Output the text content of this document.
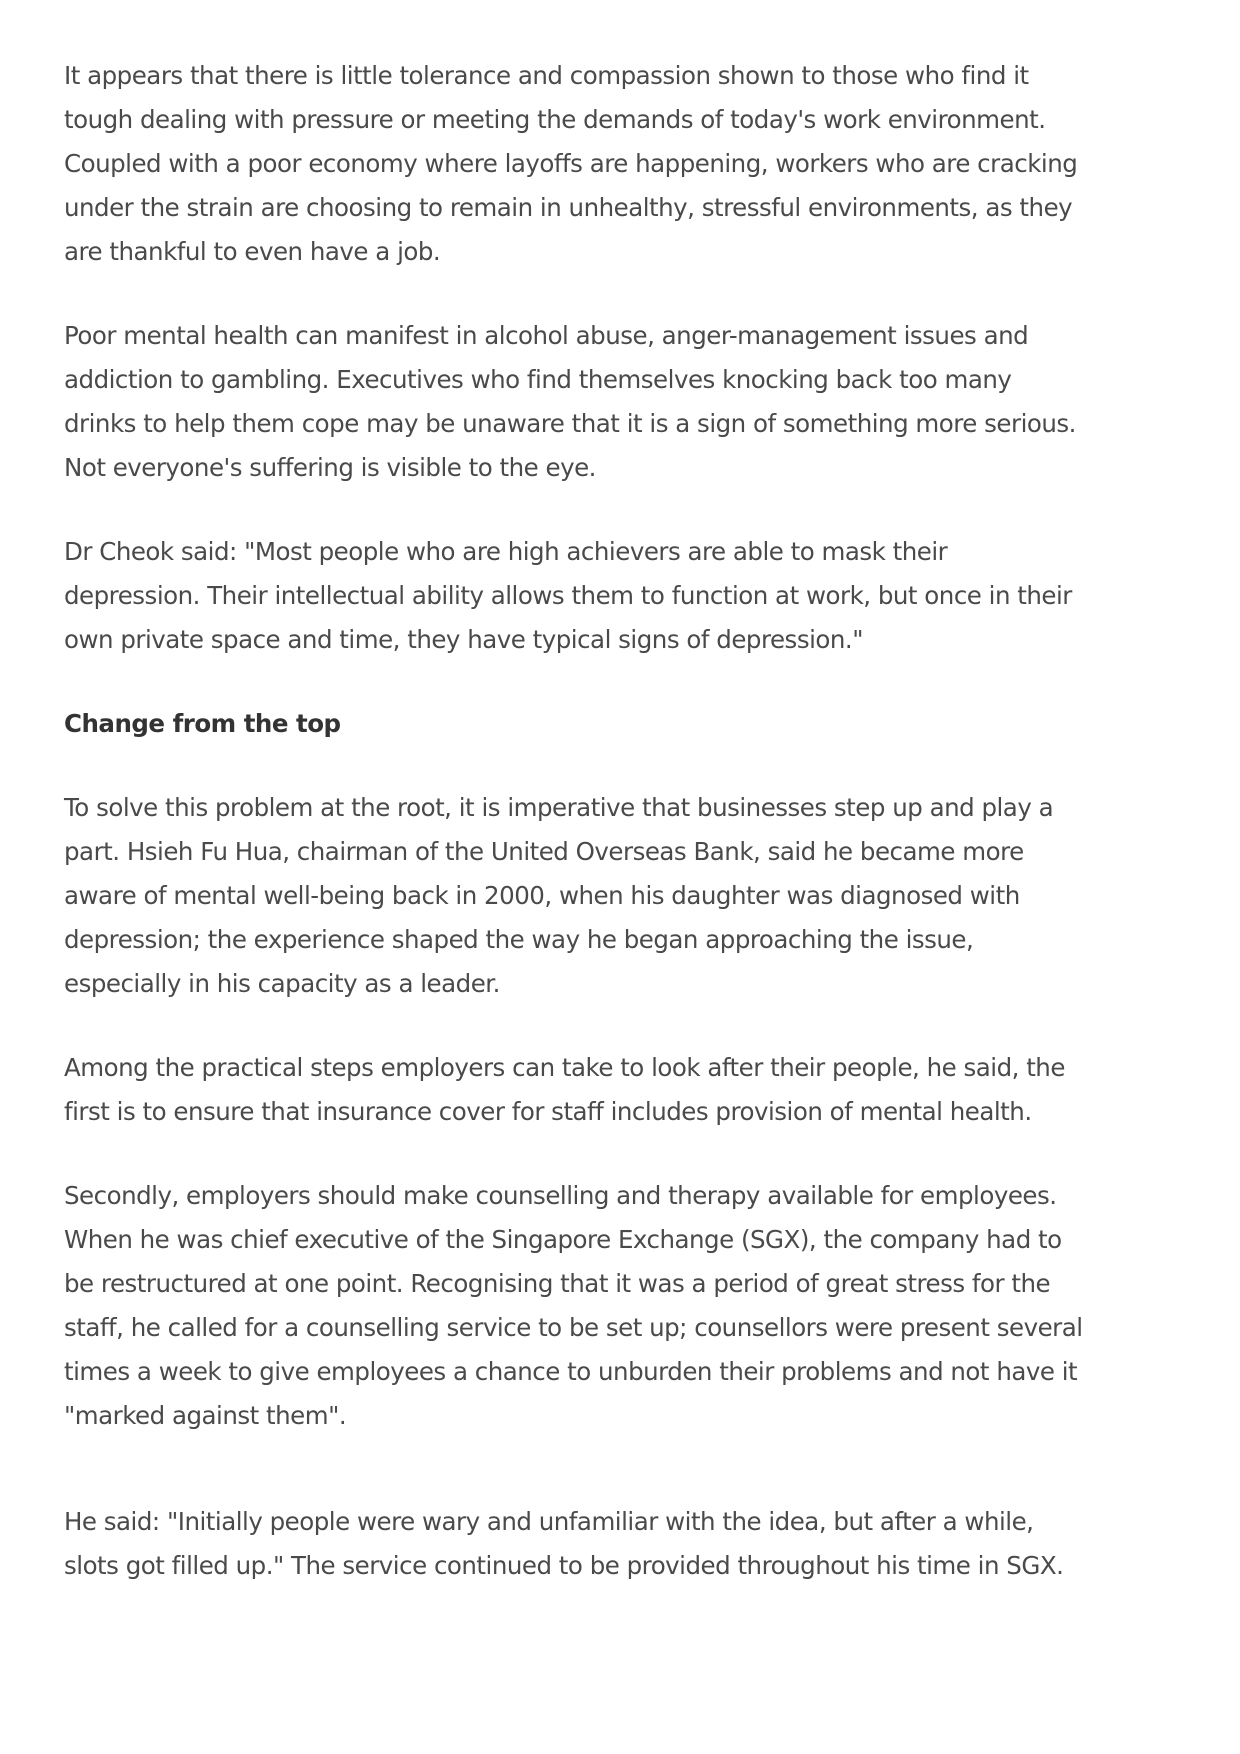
It appears that there is little tolerance and compassion shown to those who find it
tough dealing with pressure or meeting the demands of today's work environment.
Coupled with a poor economy where layoffs are happening, workers who are cracking
under the strain are choosing to remain in unhealthy, stressful environments, as they
are thankful to even have a job.

Poor mental health can manifest in alcohol abuse, anger-management issues and
addiction to gambling. Executives who find themselves knocking back too many
drinks to help them cope may be unaware that it is a sign of something more serious.
Not everyone's suffering is visible to the eye.

Dr Cheok said: "Most people who are high achievers are able to mask their
depression. Their intellectual ability allows them to function at work, but once in their
own private space and time, they have typical signs of depression."

Change from the top

To solve this problem at the root, it is imperative that businesses step up and play a
part. Hsieh Fu Hua, chairman of the United Overseas Bank, said he became more
aware of mental well-being back in 2000, when his daughter was diagnosed with
depression; the experience shaped the way he began approaching the issue,
especially in his capacity as a leader.

Among the practical steps employers can take to look after their people, he said, the
first is to ensure that insurance cover for staff includes provision of mental health.

Secondly, employers should make counselling and therapy available for employees.
When he was chief executive of the Singapore Exchange (SGX), the company had to
be restructured at one point. Recognising that it was a period of great stress for the
staff, he called for a counselling service to be set up; counsellors were present several
times a week to give employees a chance to unburden their problems and not have it
"marked against them".

He said: "Initially people were wary and unfamiliar with the idea, but after a while,
slots got filled up." The service continued to be provided throughout his time in SGX.
